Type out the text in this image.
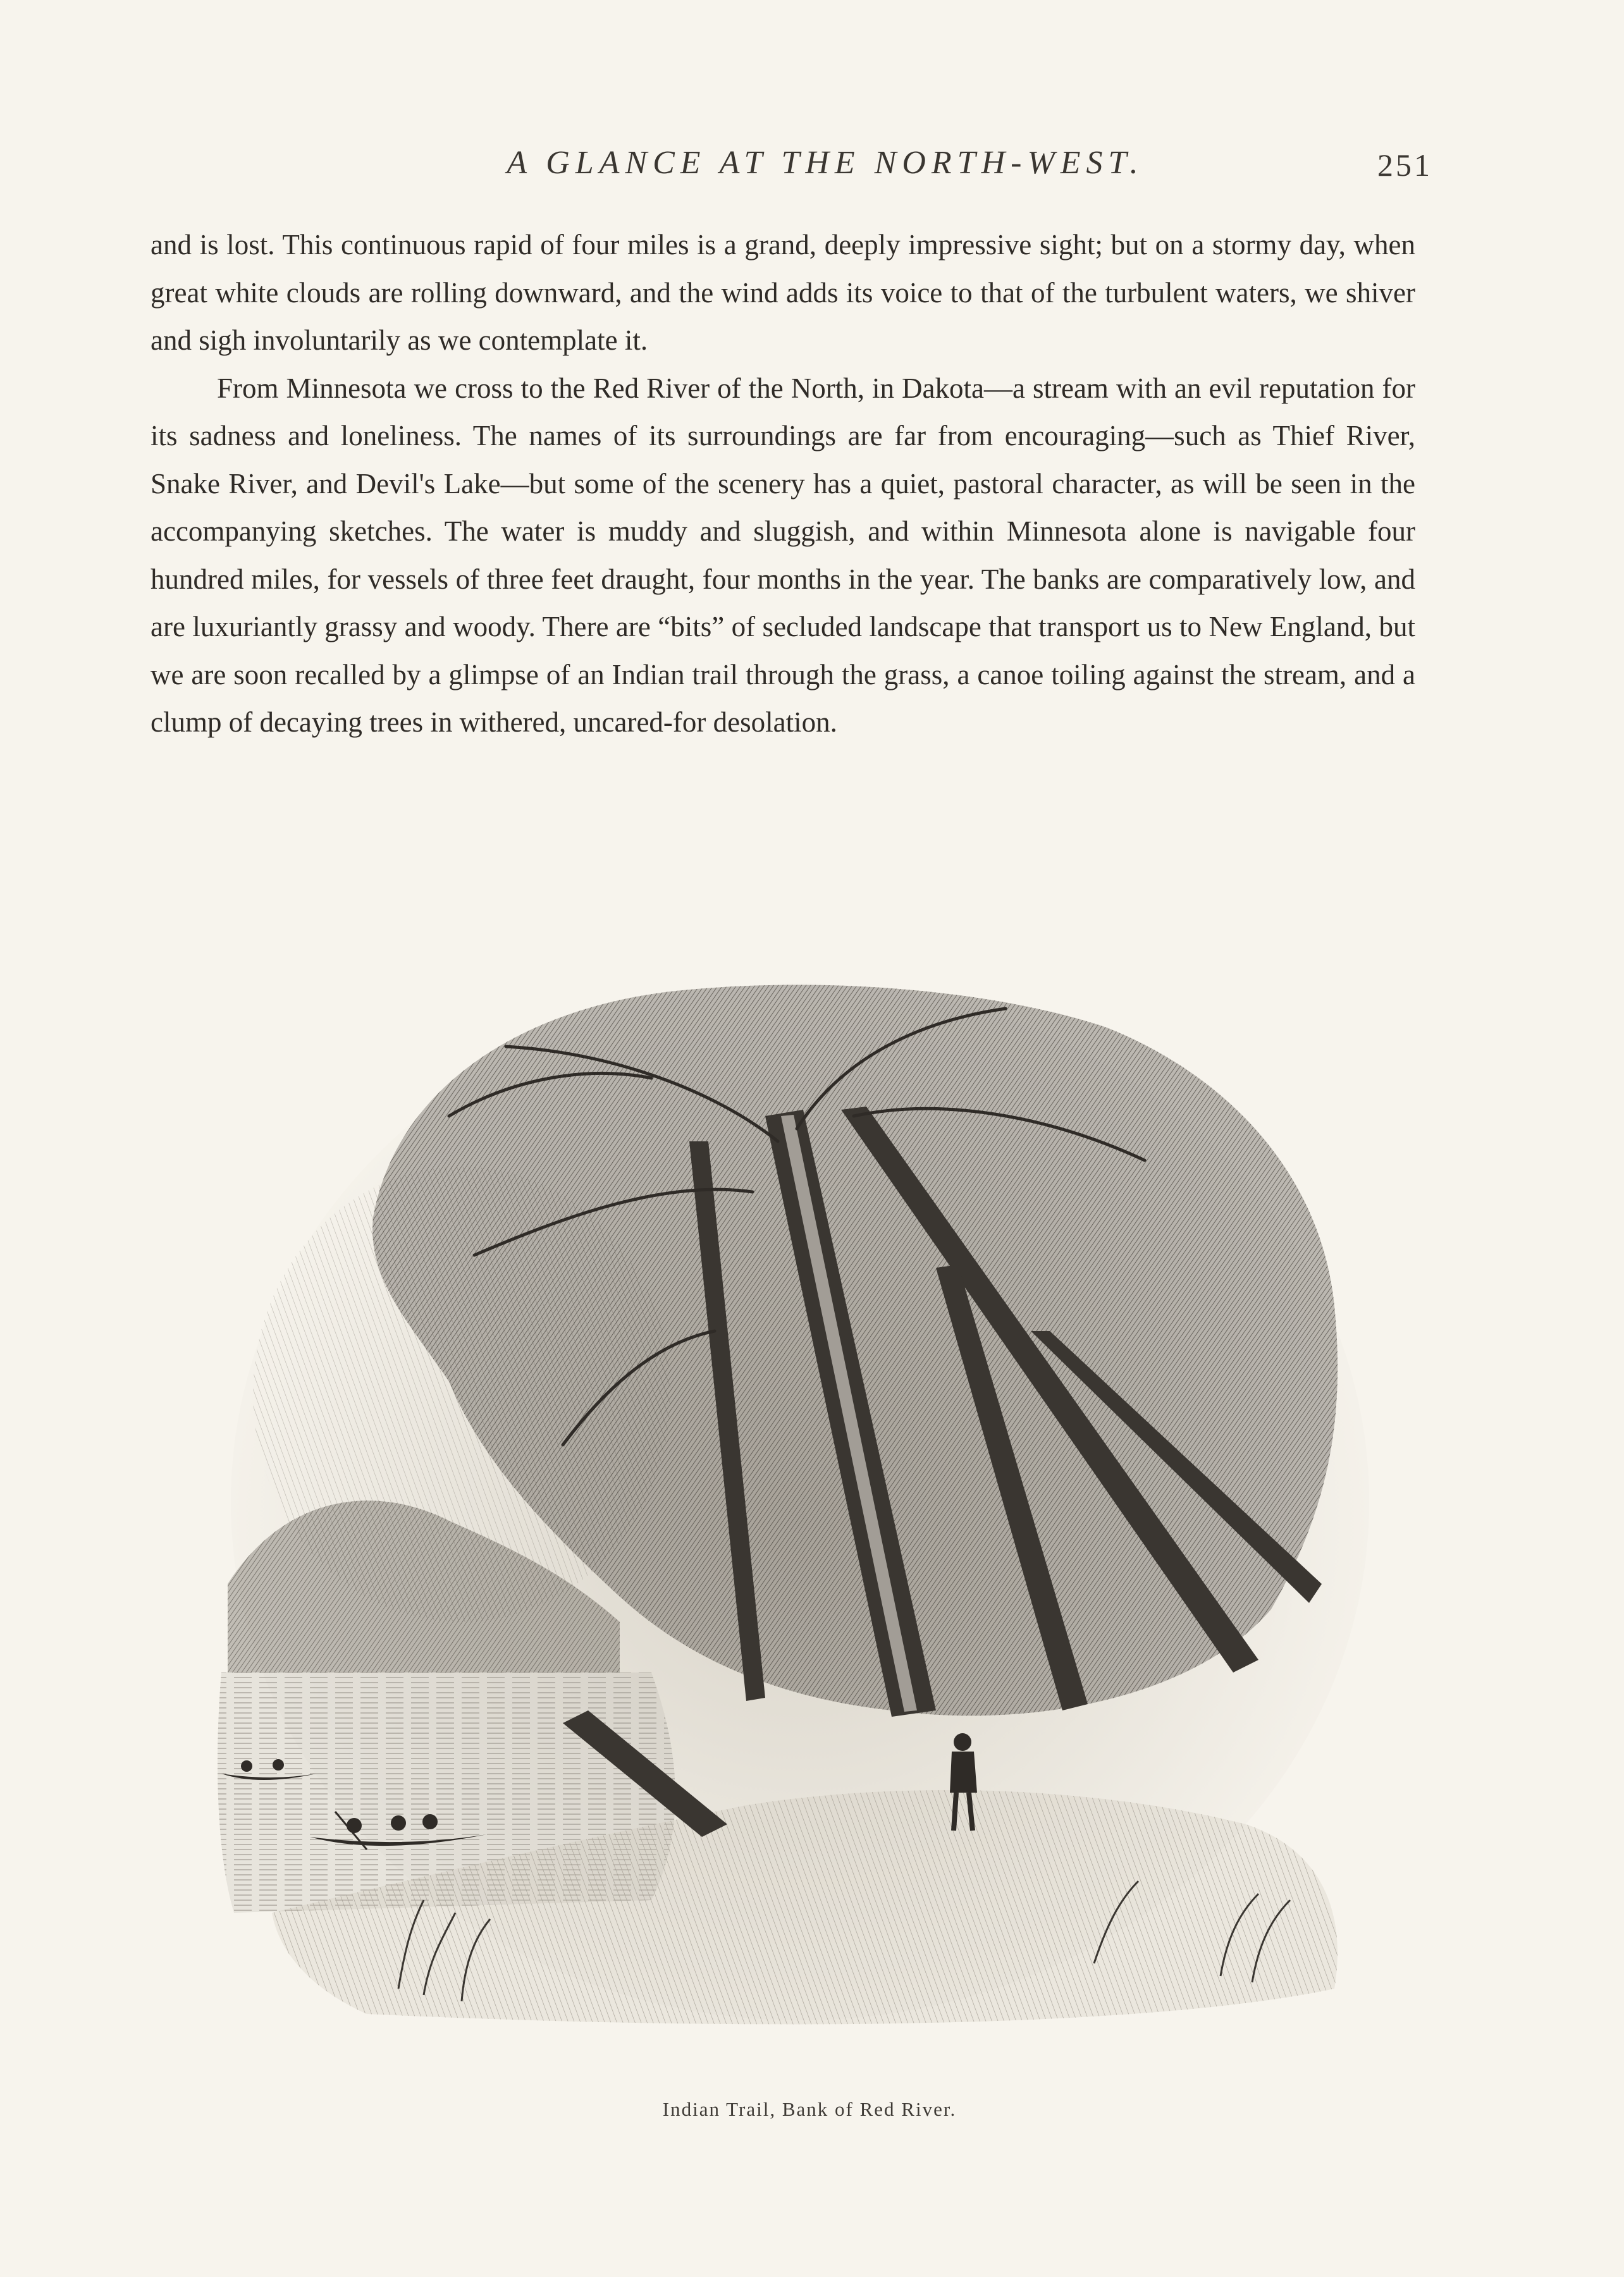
A GLANCE AT THE NORTH-WEST.	251

and is lost. This continuous rapid of four miles is a grand, deeply impressive sight; but on a stormy day, when great white clouds are rolling downward, and the wind adds its voice to that of the turbulent waters, we shiver and sigh involuntarily as we contemplate it.

From Minnesota we cross to the Red River of the North, in Dakota—a stream with an evil reputation for its sadness and loneliness. The names of its surroundings are far from encouraging—such as Thief River, Snake River, and Devil's Lake—but some of the scenery has a quiet, pastoral character, as will be seen in the accompanying sketches. The water is muddy and sluggish, and within Minnesota alone is navigable four hundred miles, for vessels of three feet draught, four months in the year. The banks are comparatively low, and are luxuriantly grassy and woody. There are “bits” of secluded landscape that transport us to New England, but we are soon recalled by a glimpse of an Indian trail through the grass, a canoe toiling against the stream, and a clump of decaying trees in withered, uncared-for desolation.

Indian Trail, Bank of Red River.
